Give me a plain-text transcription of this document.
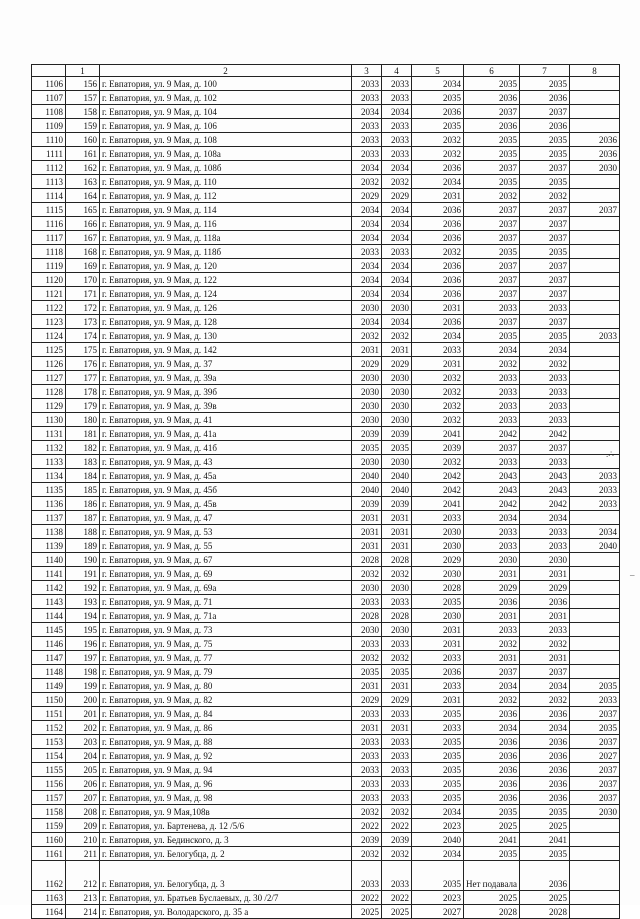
	1	2	3	4	5	6	7	8
1106	156	г. Евпатория, ул. 9 Мая, д. 100	2033	2033	2034	2035	2035	
1107	157	г. Евпатория, ул. 9 Мая, д. 102	2033	2033	2035	2036	2036	
1108	158	г. Евпатория, ул. 9 Мая, д. 104	2034	2034	2036	2037	2037	
1109	159	г. Евпатория, ул. 9 Мая, д. 106	2033	2033	2035	2036	2036	
1110	160	г. Евпатория, ул. 9 Мая, д. 108	2033	2033	2032	2035	2035	2036
1111	161	г. Евпатория, ул. 9 Мая, д. 108а	2033	2033	2032	2035	2035	2036
1112	162	г. Евпатория, ул. 9 Мая, д. 108б	2034	2034	2036	2037	2037	2030
1113	163	г. Евпатория, ул. 9 Мая, д. 110	2032	2032	2034	2035	2035	
1114	164	г. Евпатория, ул. 9 Мая, д. 112	2029	2029	2031	2032	2032	
1115	165	г. Евпатория, ул. 9 Мая, д. 114	2034	2034	2036	2037	2037	2037
1116	166	г. Евпатория, ул. 9 Мая, д. 116	2034	2034	2036	2037	2037	
1117	167	г. Евпатория, ул. 9 Мая, д. 118а	2034	2034	2036	2037	2037	
1118	168	г. Евпатория, ул. 9 Мая, д. 118б	2033	2033	2032	2035	2035	
1119	169	г. Евпатория, ул. 9 Мая, д. 120	2034	2034	2036	2037	2037	
1120	170	г. Евпатория, ул. 9 Мая, д. 122	2034	2034	2036	2037	2037	
1121	171	г. Евпатория, ул. 9 Мая, д. 124	2034	2034	2036	2037	2037	
1122	172	г. Евпатория, ул. 9 Мая, д. 126	2030	2030	2031	2033	2033	
1123	173	г. Евпатория, ул. 9 Мая, д. 128	2034	2034	2036	2037	2037	
1124	174	г. Евпатория, ул. 9 Мая, д. 130	2032	2032	2034	2035	2035	2033
1125	175	г. Евпатория, ул. 9 Мая, д. 142	2031	2031	2033	2034	2034	
1126	176	г. Евпатория, ул. 9 Мая, д. 37	2029	2029	2031	2032	2032	
1127	177	г. Евпатория, ул. 9 Мая, д. 39а	2030	2030	2032	2033	2033	
1128	178	г. Евпатория, ул. 9 Мая, д. 39б	2030	2030	2032	2033	2033	
1129	179	г. Евпатория, ул. 9 Мая, д. 39в	2030	2030	2032	2033	2033	
1130	180	г. Евпатория, ул. 9 Мая, д. 41	2030	2030	2032	2033	2033	
1131	181	г. Евпатория, ул. 9 Мая, д. 41а	2039	2039	2041	2042	2042	
1132	182	г. Евпатория, ул. 9 Мая, д. 41б	2035	2035	2039	2037	2037	
1133	183	г. Евпатория, ул. 9 Мая, д. 43	2030	2030	2032	2033	2033	
1134	184	г. Евпатория, ул. 9 Мая, д. 45а	2040	2040	2042	2043	2043	2033
1135	185	г. Евпатория, ул. 9 Мая, д. 45б	2040	2040	2042	2043	2043	2033
1136	186	г. Евпатория, ул. 9 Мая, д. 45в	2039	2039	2041	2042	2042	2033
1137	187	г. Евпатория, ул. 9 Мая, д. 47	2031	2031	2033	2034	2034	
1138	188	г. Евпатория, ул. 9 Мая, д. 53	2031	2031	2030	2033	2033	2034
1139	189	г. Евпатория, ул. 9 Мая, д. 55	2031	2031	2030	2033	2033	2040
1140	190	г. Евпатория, ул. 9 Мая, д. 67	2028	2028	2029	2030	2030	
1141	191	г. Евпатория, ул. 9 Мая, д. 69	2032	2032	2030	2031	2031	
1142	192	г. Евпатория, ул. 9 Мая, д. 69а	2030	2030	2028	2029	2029	
1143	193	г. Евпатория, ул. 9 Мая, д. 71	2033	2033	2035	2036	2036	
1144	194	г. Евпатория, ул. 9 Мая, д. 71а	2028	2028	2030	2031	2031	
1145	195	г. Евпатория, ул. 9 Мая, д. 73	2030	2030	2031	2033	2033	
1146	196	г. Евпатория, ул. 9 Мая, д. 75	2033	2033	2031	2032	2032	
1147	197	г. Евпатория, ул. 9 Мая, д. 77	2032	2032	2033	2031	2031	
1148	198	г. Евпатория, ул. 9 Мая, д. 79	2035	2035	2036	2037	2037	
1149	199	г. Евпатория, ул. 9 Мая, д. 80	2031	2031	2033	2034	2034	2035
1150	200	г. Евпатория, ул. 9 Мая, д. 82	2029	2029	2031	2032	2032	2033
1151	201	г. Евпатория, ул. 9 Мая, д. 84	2033	2033	2035	2036	2036	2037
1152	202	г. Евпатория, ул. 9 Мая, д. 86	2031	2031	2033	2034	2034	2035
1153	203	г. Евпатория, ул. 9 Мая, д. 88	2033	2033	2035	2036	2036	2037
1154	204	г. Евпатория, ул. 9 Мая, д. 92	2033	2033	2035	2036	2036	2027
1155	205	г. Евпатория, ул. 9 Мая, д. 94	2033	2033	2035	2036	2036	2037
1156	206	г. Евпатория, ул. 9 Мая, д. 96	2033	2033	2035	2036	2036	2037
1157	207	г. Евпатория, ул. 9 Мая, д. 98	2033	2033	2035	2036	2036	2037
1158	208	г. Евпатория, ул. 9 Мая,108в	2032	2032	2034	2035	2035	2030
1159	209	г. Евпатория, ул. Бартенева, д. 12 /5/6	2022	2022	2023	2025	2025	
1160	210	г. Евпатория, ул. Бединского, д. 3	2039	2039	2040	2041	2041	
1161	211	г. Евпатория, ул. Белогубца, д. 2	2032	2032	2034	2035	2035	
1162	212	г. Евпатория, ул. Белогубца, д. 3	2033	2033	2035	Нет подавала	2036	
1163	213	г. Евпатория, ул. Братьев Буслаевых, д. 30 /2/7	2022	2022	2023	2025	2025	
1164	214	г. Евпатория, ул. Володарского, д. 35 а	2025	2025	2027	2028	2028	
.∴
–
